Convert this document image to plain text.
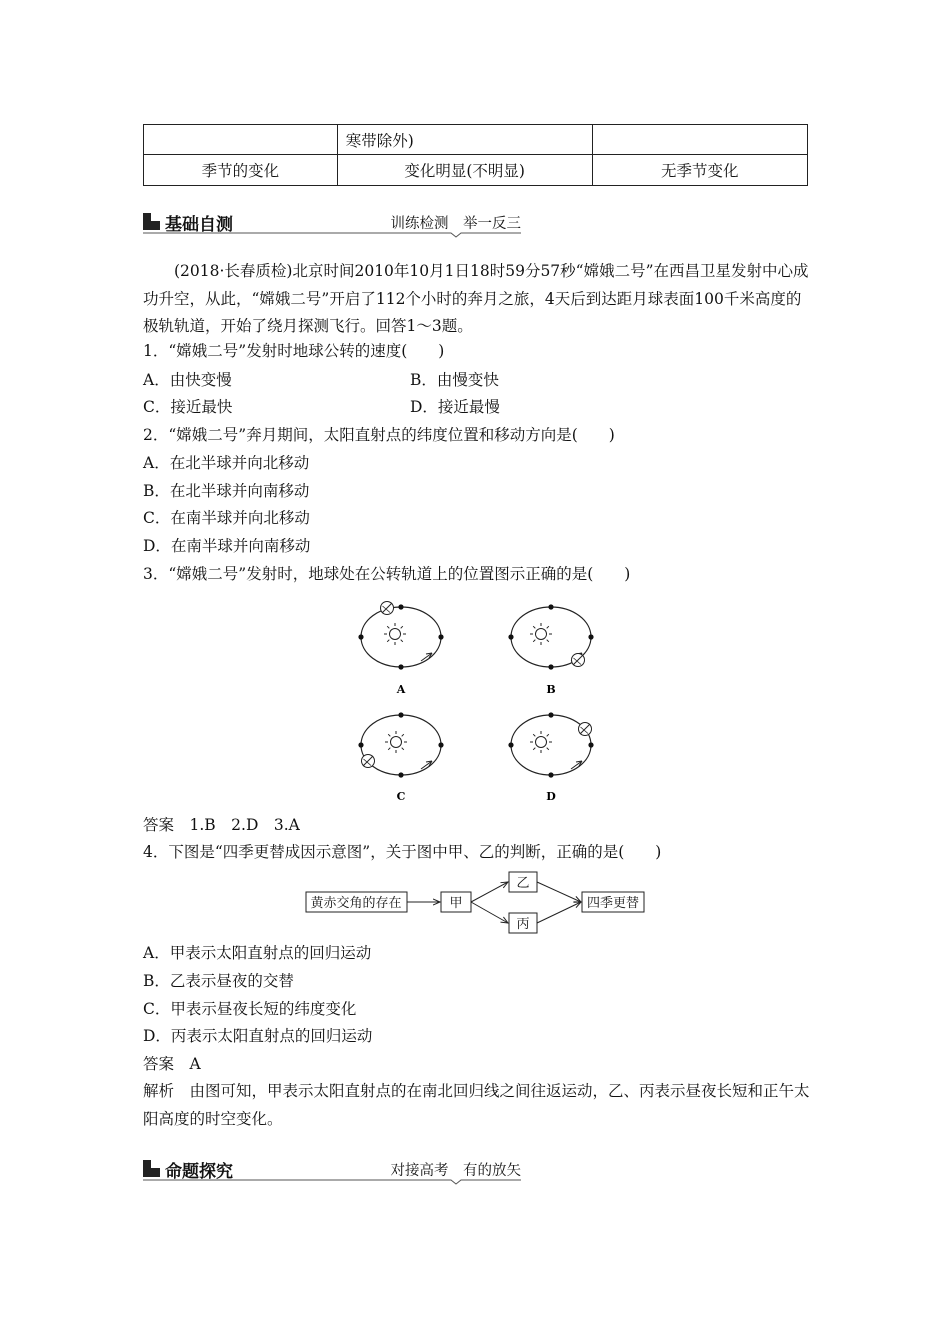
	寒带除外)	
季节的变化	变化明显(不明显)	无季节变化
基础自测	训练检测　举一反三
(2018·长春质检)北京时间2010年10月1日18时59分57秒“嫦娥二号”在西昌卫星发射中心成功升空，从此，“嫦娥二号”开启了112个小时的奔月之旅，4天后到达距月球表面100千米高度的极轨轨道，开始了绕月探测飞行。回答1～3题。
1．“嫦娥二号”发射时地球公转的速度(　　)
A．由快变慢	B．由慢变快
C．接近最快	D．接近最慢
2．“嫦娥二号”奔月期间，太阳直射点的纬度位置和移动方向是(　　)
A．在北半球并向北移动
B．在北半球并向南移动
C．在南半球并向北移动
D．在南半球并向南移动
3．“嫦娥二号”发射时，地球处在公转轨道上的位置图示正确的是(　　)
A	B
C	D
答案　1.B　2.D　3.A
4．下图是“四季更替成因示意图”，关于图中甲、乙的判断，正确的是(　　)
黄赤交角的存在	甲
乙
丙
四季更替
A．甲表示太阳直射点的回归运动
B．乙表示昼夜的交替
C．甲表示昼夜长短的纬度变化
D．丙表示太阳直射点的回归运动
答案　A
解析　由图可知，甲表示太阳直射点的在南北回归线之间往返运动，乙、丙表示昼夜长短和正午太阳高度的时空变化。
命题探究	对接高考　有的放矢
